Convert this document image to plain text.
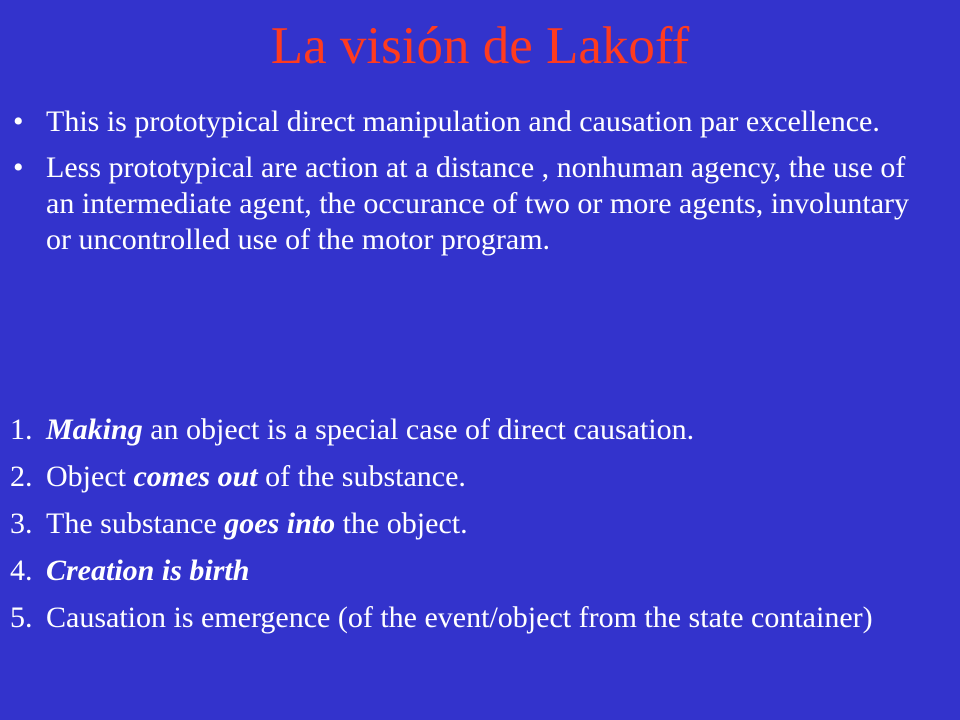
La visión de Lakoff
• This is prototypical direct manipulation and causation par excellence.
• Less prototypical are action at a distance , nonhuman agency, the use of an intermediate agent, the occurance of two or more agents, involuntary or uncontrolled use of the motor program.
1. Making an object is a special case of direct causation.
2. Object comes out of the substance.
3. The substance goes into the object.
4. Creation is birth
5. Causation is emergence (of the event/object from the state container)
